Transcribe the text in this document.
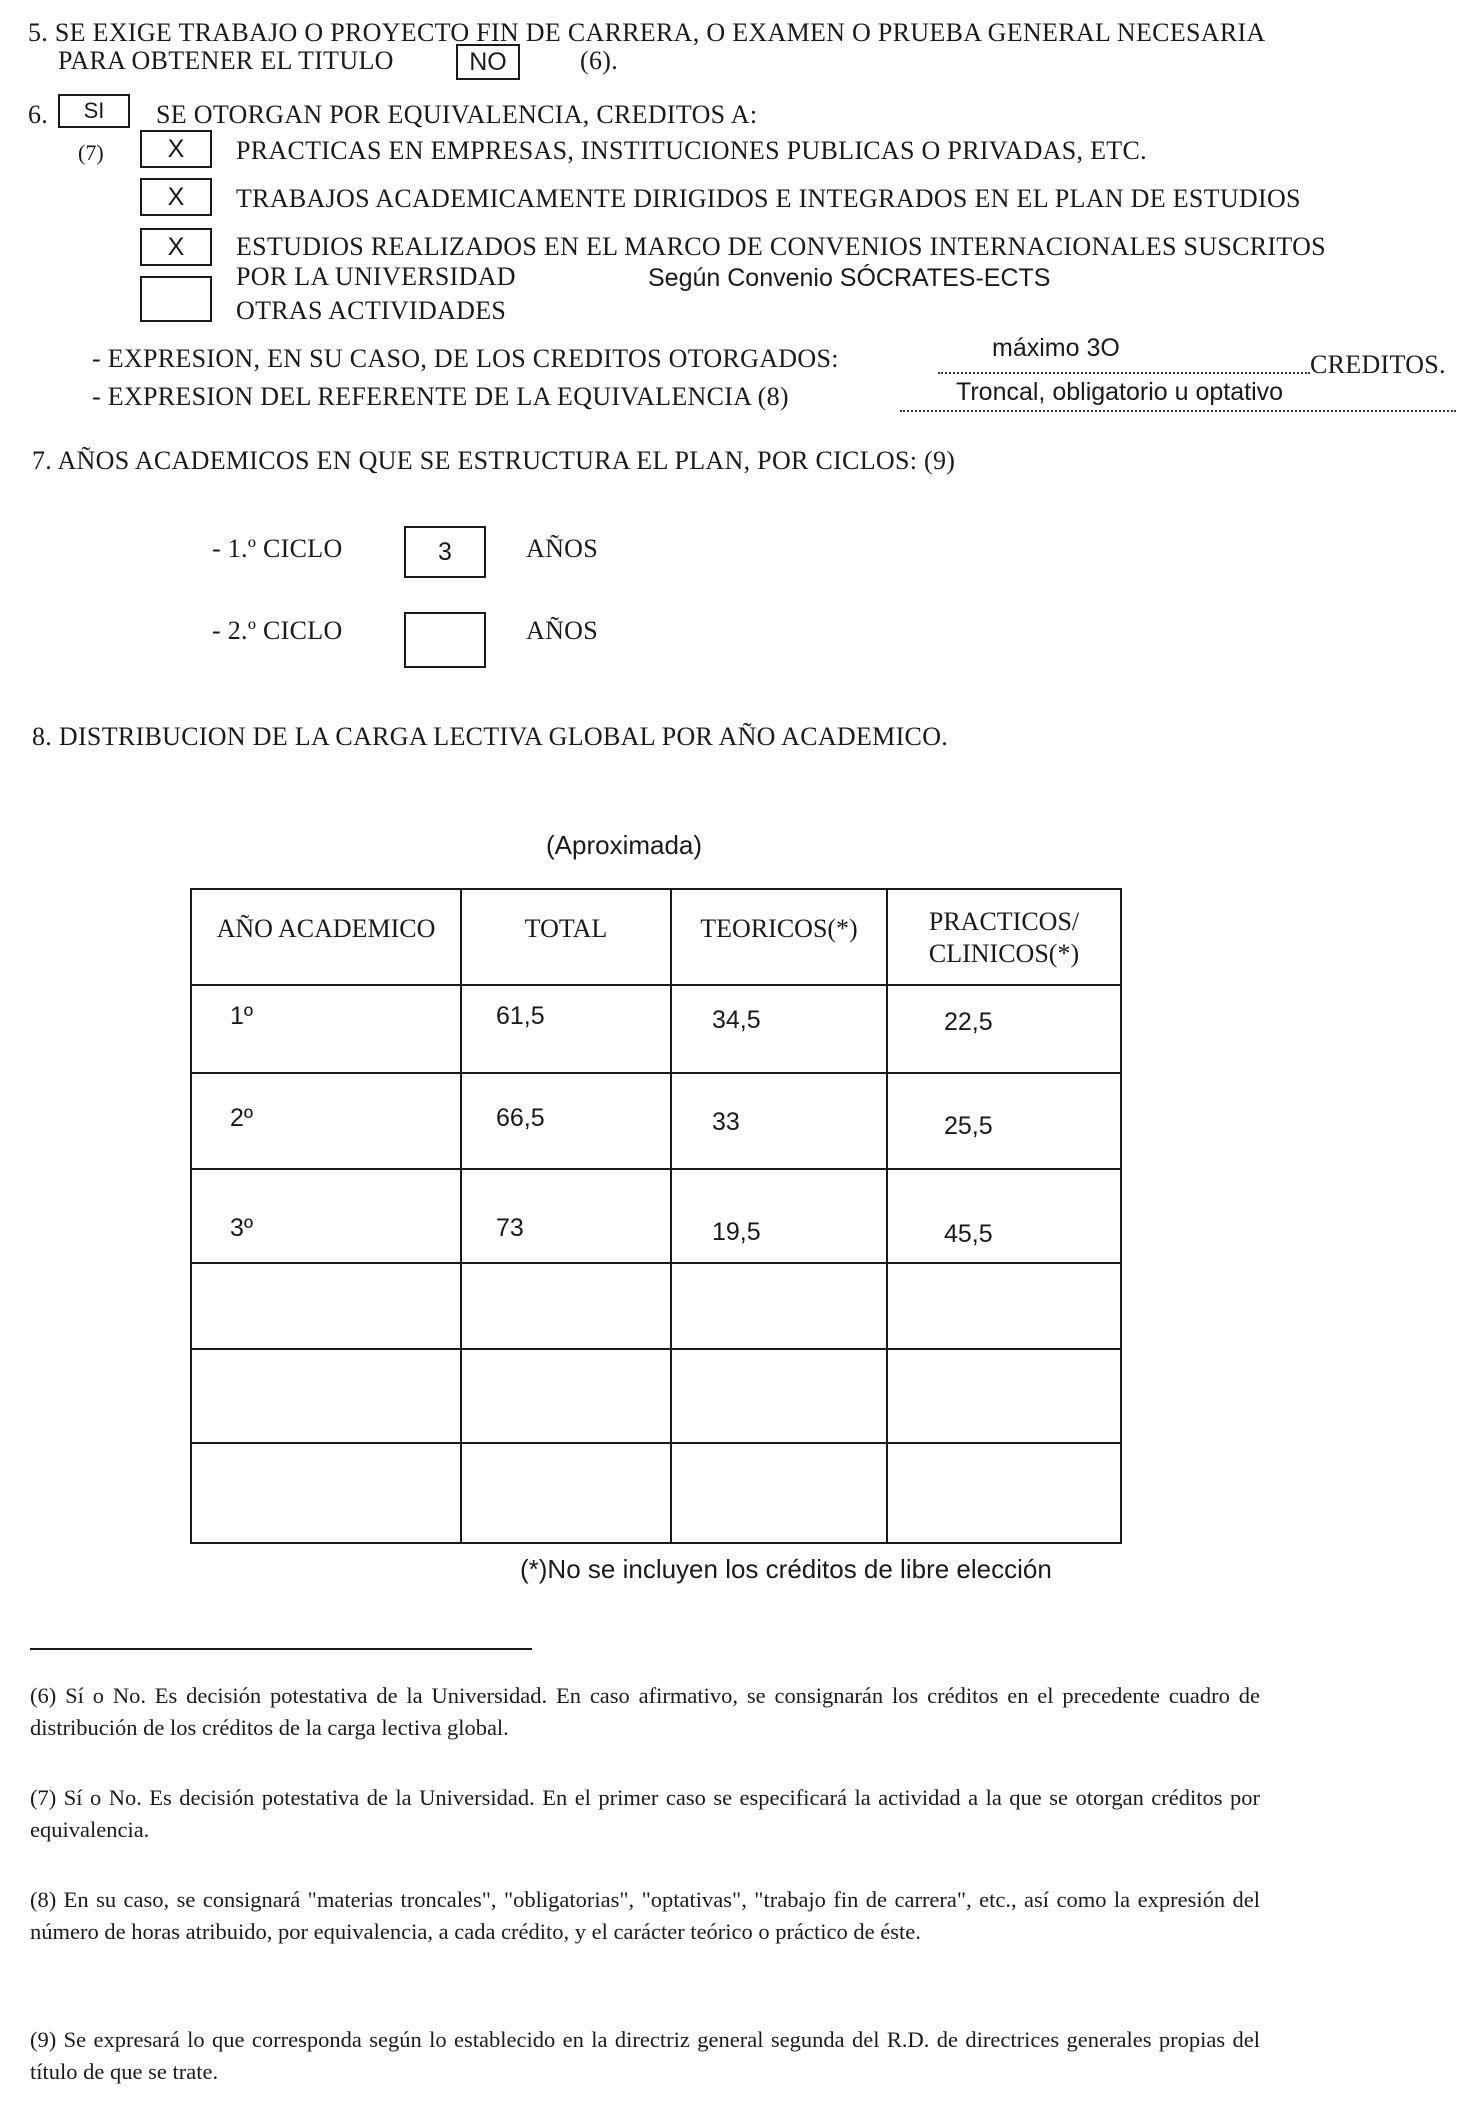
5. SE EXIGE TRABAJO O PROYECTO FIN DE CARRERA, O EXAMEN O PRUEBA GENERAL NECESARIA
PARA OBTENER EL TITULO	NO	(6).
6.	SI	SE OTORGAN POR EQUIVALENCIA, CREDITOS A:
(7)	X	PRACTICAS EN EMPRESAS, INSTITUCIONES PUBLICAS O PRIVADAS, ETC.
X	TRABAJOS ACADEMICAMENTE DIRIGIDOS E INTEGRADOS EN EL PLAN DE ESTUDIOS
X	ESTUDIOS REALIZADOS EN EL MARCO DE CONVENIOS INTERNACIONALES SUSCRITOS
POR LA UNIVERSIDAD	Según Convenio SÓCRATES-ECTS
OTRAS ACTIVIDADES
- EXPRESION, EN SU CASO, DE LOS CREDITOS OTORGADOS:	máximo 3O
CREDITOS.
- EXPRESION DEL REFERENTE DE LA EQUIVALENCIA (8)	Troncal, obligatorio u optativo
7. AÑOS ACADEMICOS EN QUE SE ESTRUCTURA EL PLAN, POR CICLOS: (9)
- 1.º CICLO	3	AÑOS
- 2.º CICLO	AÑOS
8. DISTRIBUCION DE LA CARGA LECTIVA GLOBAL POR AÑO ACADEMICO.
(Aproximada)
AÑO ACADEMICO	TOTAL	TEORICOS(*)	PRACTICOS/
CLINICOS(*)

1º	61,5	34,5	22,5
2º	66,5	33	25,5
3º	73	19,5	45,5

(*)No se incluyen los créditos de libre elección
(6) Sí o No. Es decisión potestativa de la Universidad. En caso afirmativo, se consignarán los créditos en el precedente cuadro de distribución de los créditos de la carga lectiva global.
(7) Sí o No. Es decisión potestativa de la Universidad. En el primer caso se especificará la actividad a la que se otorgan créditos por equivalencia.
(8) En su caso, se consignará "materias troncales", "obligatorias", "optativas", "trabajo fin de carrera", etc., así como la expresión del número de horas atribuido, por equivalencia, a cada crédito, y el carácter teórico o práctico de éste.
(9) Se expresará lo que corresponda según lo establecido en la directriz general segunda del R.D. de directrices generales propias del título de que se trate.
